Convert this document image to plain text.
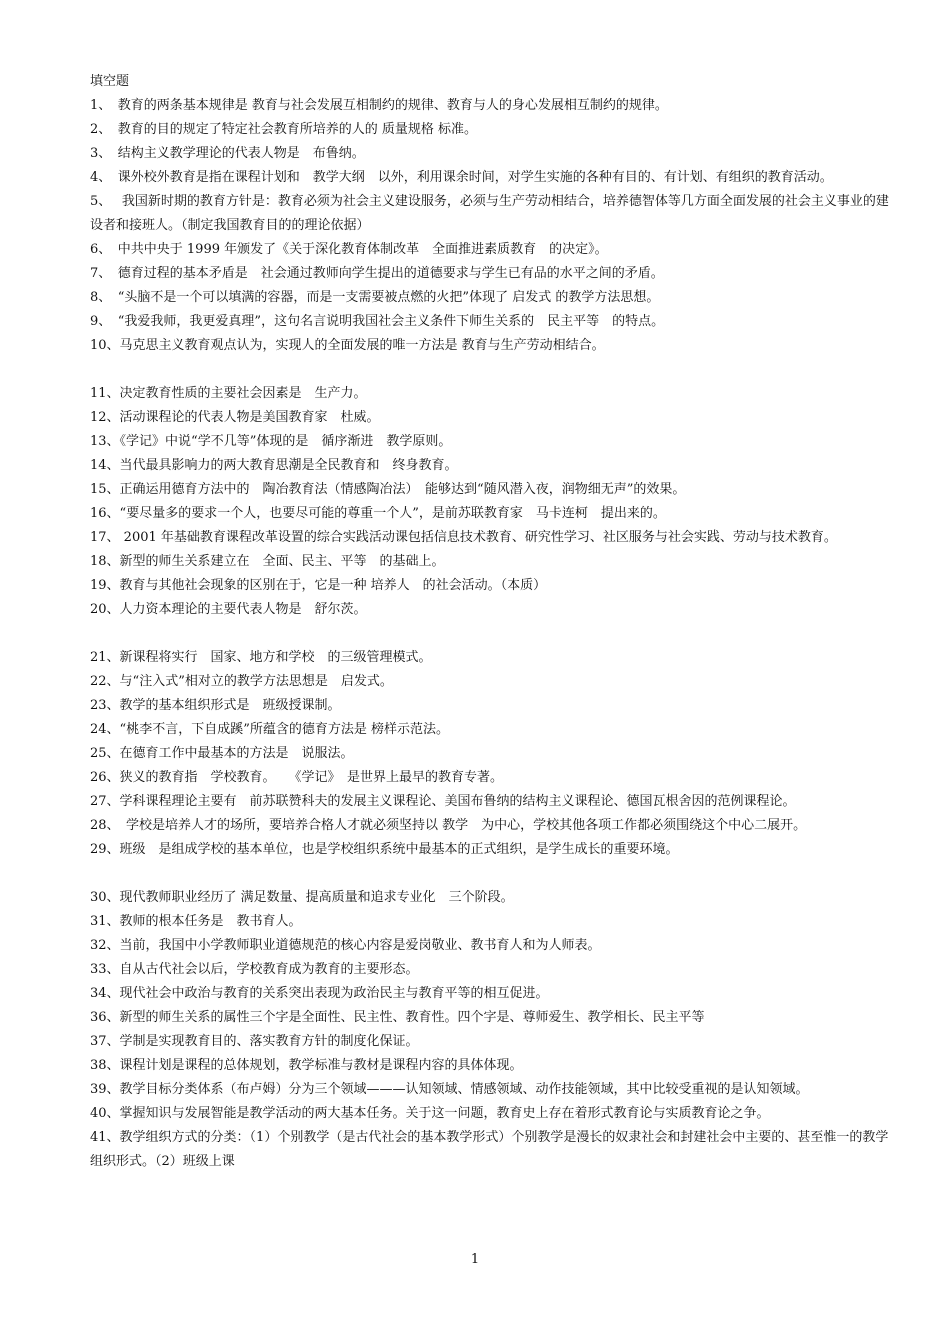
填空题
1、　教育的两条基本规律是 教育与社会发展互相制约的规律、教育与人的身心发展相互制约的规律。
2、　教育的目的规定了特定社会教育所培养的人的 质量规格 标准。
3、　结构主义教学理论的代表人物是　布鲁纳。
4、　课外校外教育是指在课程计划和　教学大纲　以外，利用课余时间，对学生实施的各种有目的、有计划、有组织的教育活动。
5、　 我国新时期的教育方针是：教育必须为社会主义建设服务，必须与生产劳动相结合，培养德智体等几方面全面发展的社会主义事业的建设者和接班人。（制定我国教育目的的理论依据）
6、　中共中央于 1999 年颁发了《关于深化教育体制改革　全面推进素质教育　的决定》。
7、　德育过程的基本矛盾是　社会通过教师向学生提出的道德要求与学生已有品的水平之间的矛盾。
8、　“头脑不是一个可以填满的容器，而是一支需要被点燃的火把”体现了 启发式 的教学方法思想。
9、　“我爱我师，我更爱真理”，这句名言说明我国社会主义条件下师生关系的　民主平等　的特点。
10、马克思主义教育观点认为，实现人的全面发展的唯一方法是 教育与生产劳动相结合。
11、决定教育性质的主要社会因素是　生产力。
12、活动课程论的代表人物是美国教育家　杜威。
13、《学记》中说“学不几等”体现的是　循序渐进　教学原则。
14、当代最具影响力的两大教育思潮是全民教育和　终身教育。
15、正确运用德育方法中的　陶冶教育法（情感陶冶法）　能够达到“随风潜入夜，润物细无声”的效果。
16、“要尽量多的要求一个人，也要尽可能的尊重一个人”，是前苏联教育家　马卡连柯　提出来的。
17、 2001 年基础教育课程改革设置的综合实践活动课包括信息技术教育、研究性学习、社区服务与社会实践、劳动与技术教育。
18、新型的师生关系建立在　全面、民主、平等　的基础上。
19、教育与其他社会现象的区别在于，它是一种 培养人　的社会活动。（本质）
20、人力资本理论的主要代表人物是　舒尔茨。
21、新课程将实行　国家、地方和学校　的三级管理模式。
22、与“注入式”相对立的教学方法思想是　启发式。
23、教学的基本组织形式是　班级授课制。
24、“桃李不言，下自成蹊”所蕴含的德育方法是 榜样示范法。
25、在德育工作中最基本的方法是　说服法。
26、狭义的教育指　学校教育。　　《学记》　是世界上最早的教育专著。
27、学科课程理论主要有　前苏联赞科夫的发展主义课程论、美国布鲁纳的结构主义课程论、德国瓦根舍因的范例课程论。
28、　学校是培养人才的场所，要培养合格人才就必须坚持以 教学　为中心，学校其他各项工作都必须围绕这个中心二展开。
29、班级　是组成学校的基本单位，也是学校组织系统中最基本的正式组织，是学生成长的重要环境。
30、现代教师职业经历了 满足数量、提高质量和追求专业化　三个阶段。
31、教师的根本任务是　教书育人。
32、当前，我国中小学教师职业道德规范的核心内容是爱岗敬业、教书育人和为人师表。
33、自从古代社会以后，学校教育成为教育的主要形态。
34、现代社会中政治与教育的关系突出表现为政治民主与教育平等的相互促进。
36、新型的师生关系的属性三个字是全面性、民主性、教育性。四个字是、尊师爱生、教学相长、民主平等
37、学制是实现教育目的、落实教育方针的制度化保证。
38、课程计划是课程的总体规划，教学标准与教材是课程内容的具体体现。
39、教学目标分类体系（布卢姆）分为三个领域———认知领域、情感领域、动作技能领域，其中比较受重视的是认知领域。
40、掌握知识与发展智能是教学活动的两大基本任务。关于这一问题，教育史上存在着形式教育论与实质教育论之争。
41、教学组织方式的分类：（1）个别教学（是古代社会的基本教学形式）个别教学是漫长的奴隶社会和封建社会中主要的、甚至惟一的教学组织形式。（2）班级上课
1
